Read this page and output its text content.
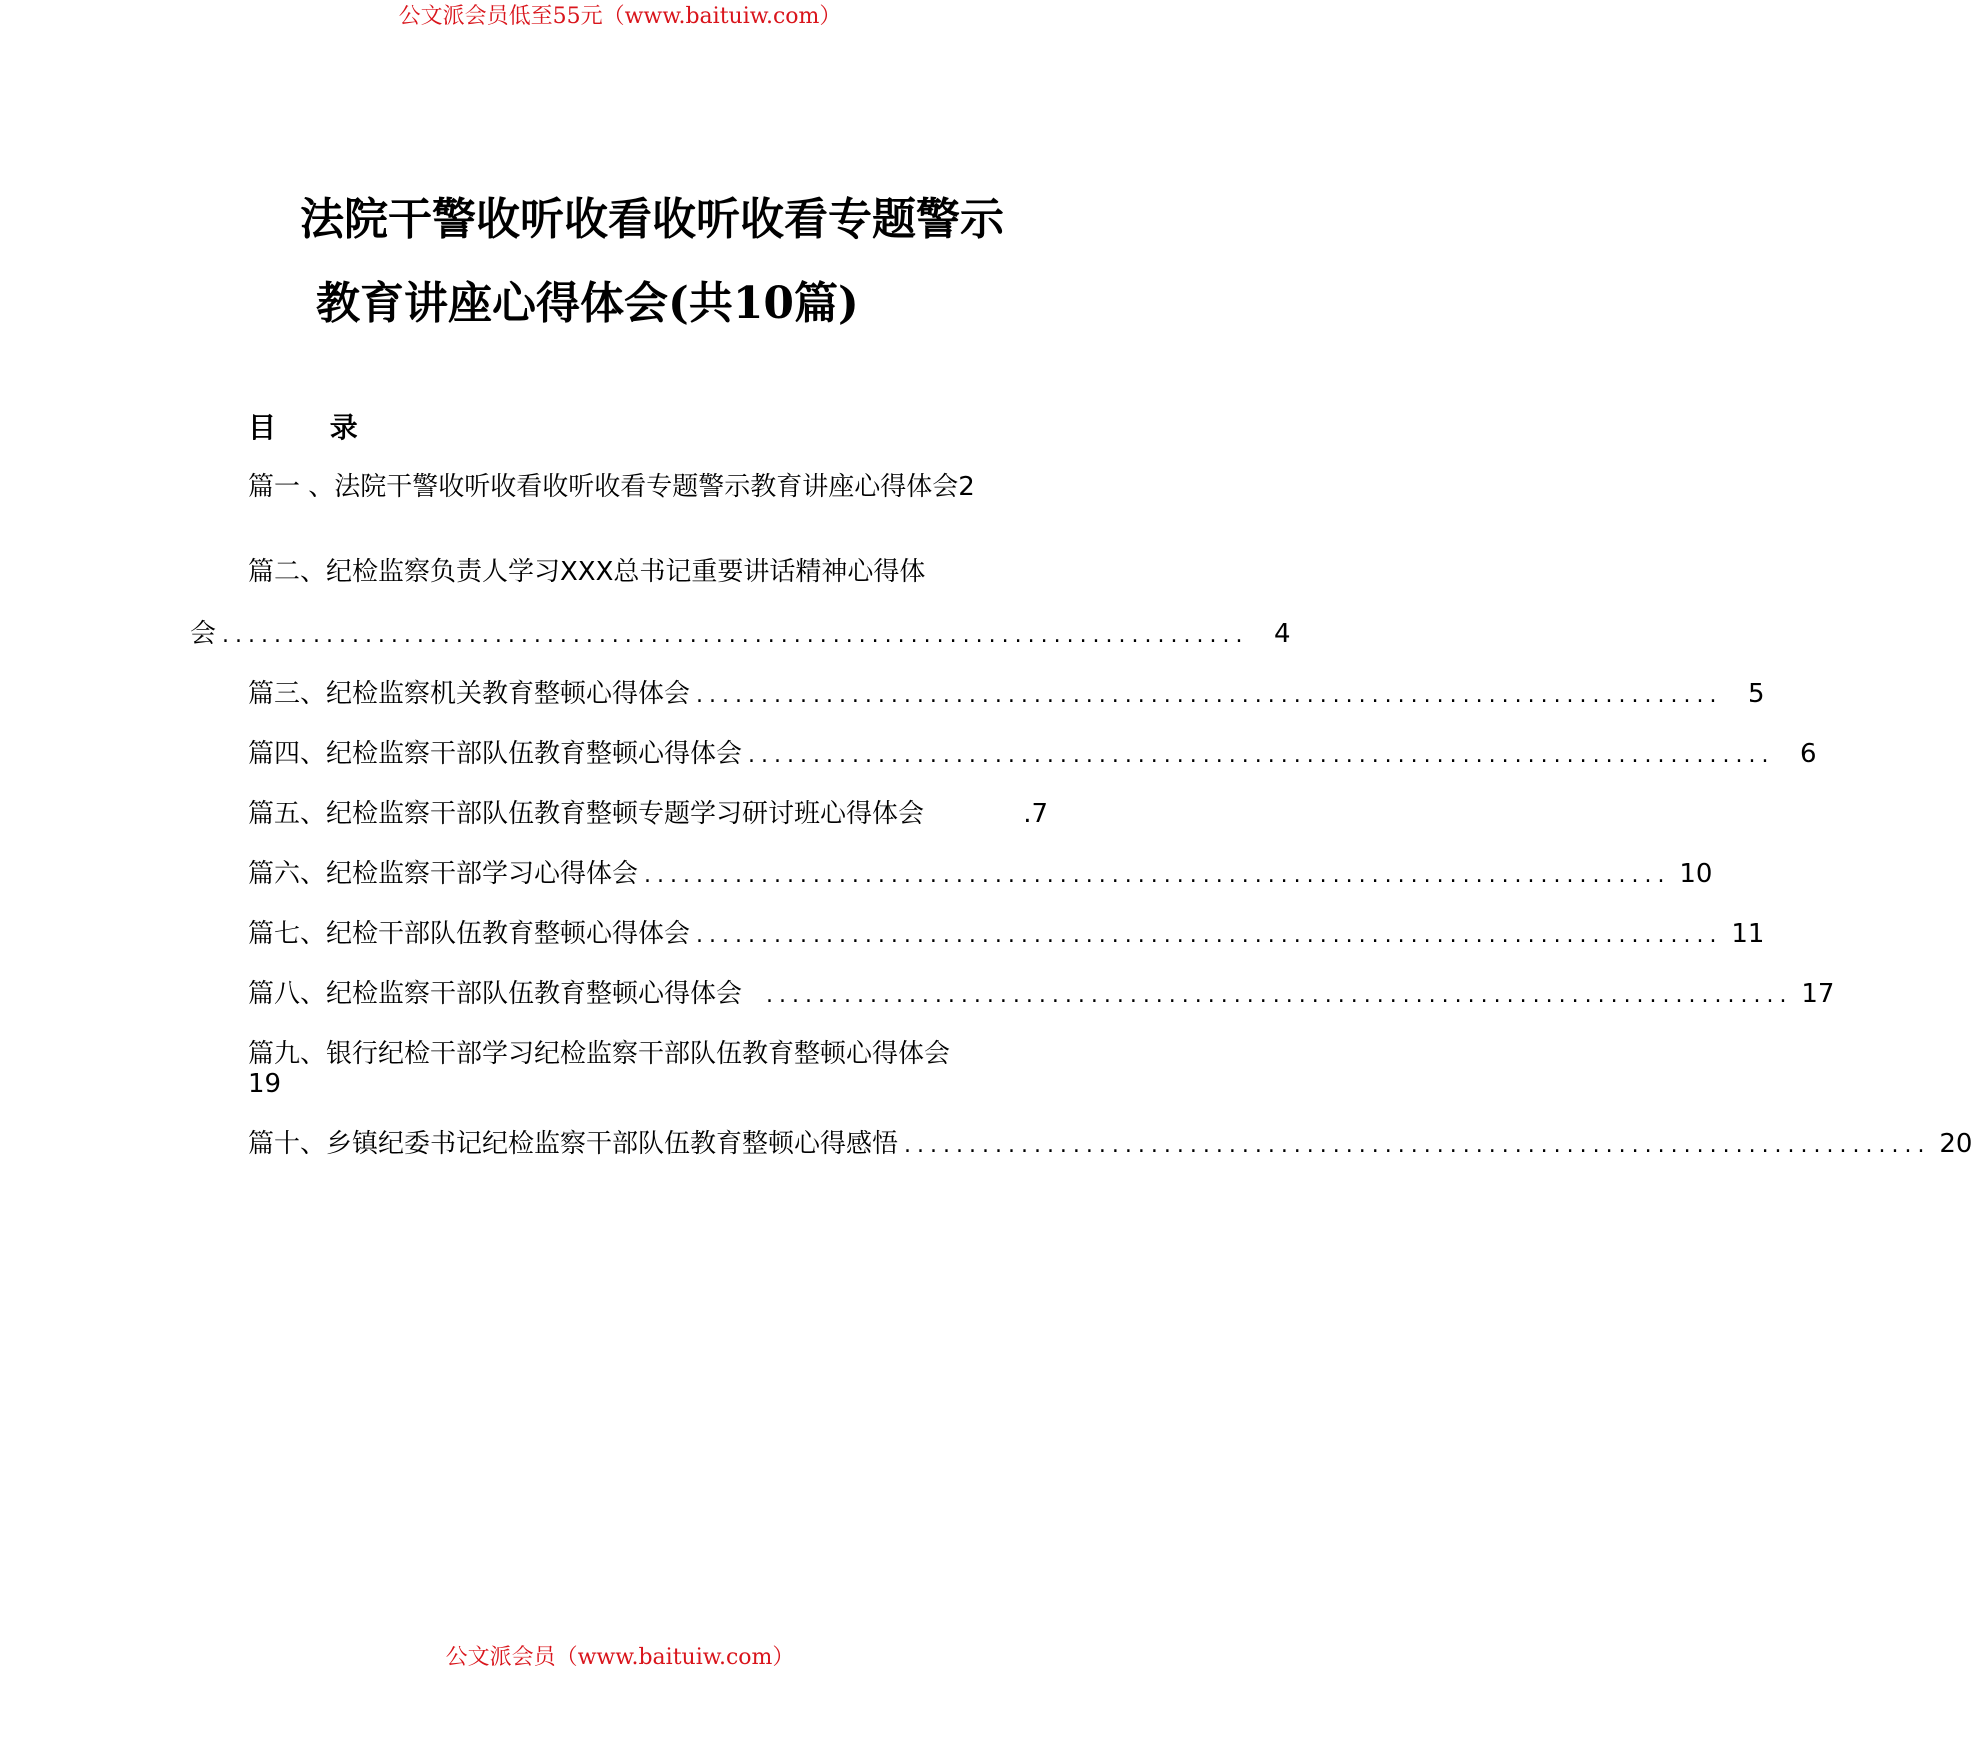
公文派会员低至55元（www.baituiw.com）
法院干警收听收看收听收看专题警示
教育讲座心得体会(共10篇)
目 录
篇一 、法院干警收听收看收听收看专题警示教育讲座心得体会2
篇二、纪检监察负责人学习XXX总书记重要讲话精神心得体
会 ............................................................................... 4
篇三、纪检监察机关教育整顿心得体会 ............................................................................... 5
篇四、纪检监察干部队伍教育整顿心得体会 ............................................................................... 6
篇五、纪检监察干部队伍教育整顿专题学习研讨班心得体会	.7
篇六、纪检监察干部学习心得体会 ............................................................................... 10
篇七、纪检干部队伍教育整顿心得体会 ............................................................................... 11
篇八、纪检监察干部队伍教育整顿心得体会	............................................................................... 17
篇九、银行纪检干部学习纪检监察干部队伍教育整顿心得体会
19
篇十、乡镇纪委书记纪检监察干部队伍教育整顿心得感悟 ............................................................................... 20
公文派会员（www.baituiw.com）
